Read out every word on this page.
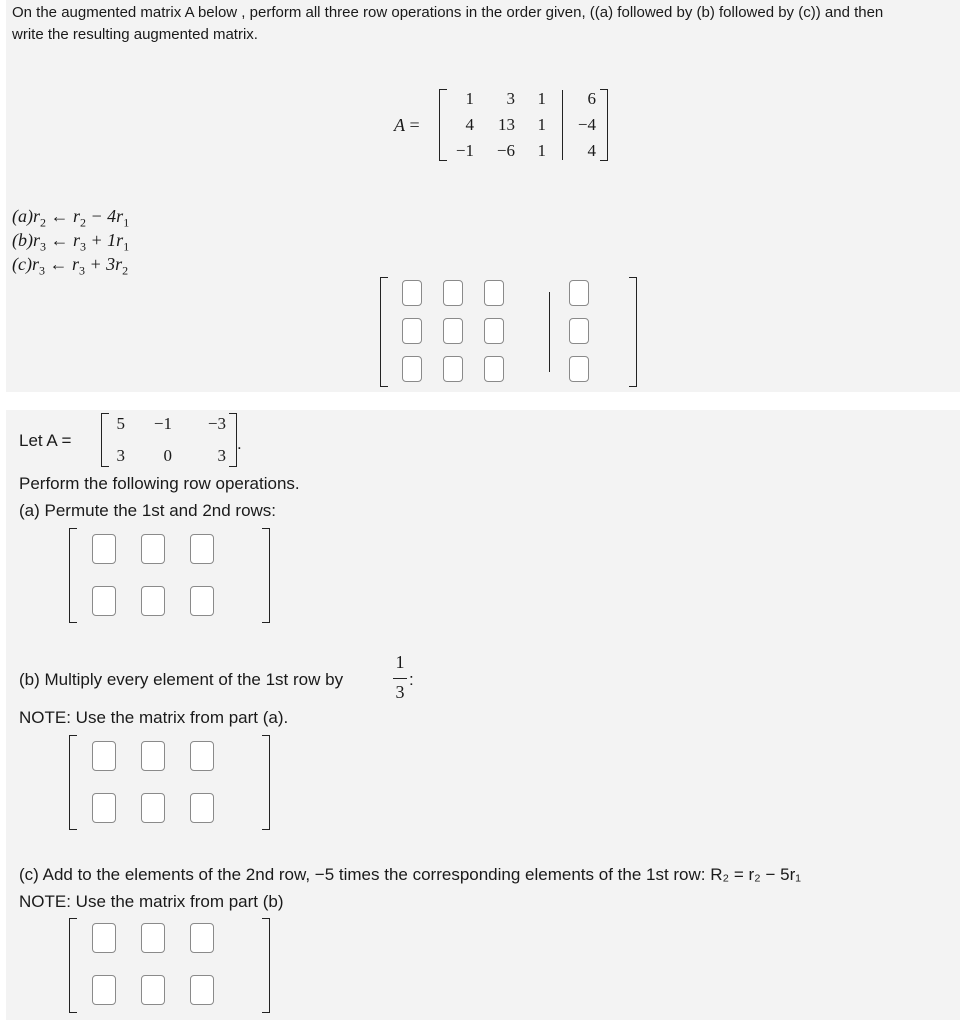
On the augmented matrix A below , perform all three row operations in the order given, ((a) followed by (b) followed by (c)) and then
write the resulting augmented matrix.
A =
1	3	1	6
4	13	1	−4
−1	−6	1	4
$(a)r_2$ ← $r_2 - 4r_1$
$(b)r_3$ ← $r_3 + 1r_1$
$(c)r_3$ ← $r_3 + 3r_2$
Let A =
5	−1	−3
3	0	3
.
Perform the following row operations.
(a) Permute the 1st and 2nd rows:
(b) Multiply every element of the 1st row by
1
3
:
NOTE: Use the matrix from part (a).
(c) Add to the elements of the 2nd row, −5 times the corresponding elements of the 1st row: R₂ = r₂ − 5r₁
NOTE: Use the matrix from part (b)
